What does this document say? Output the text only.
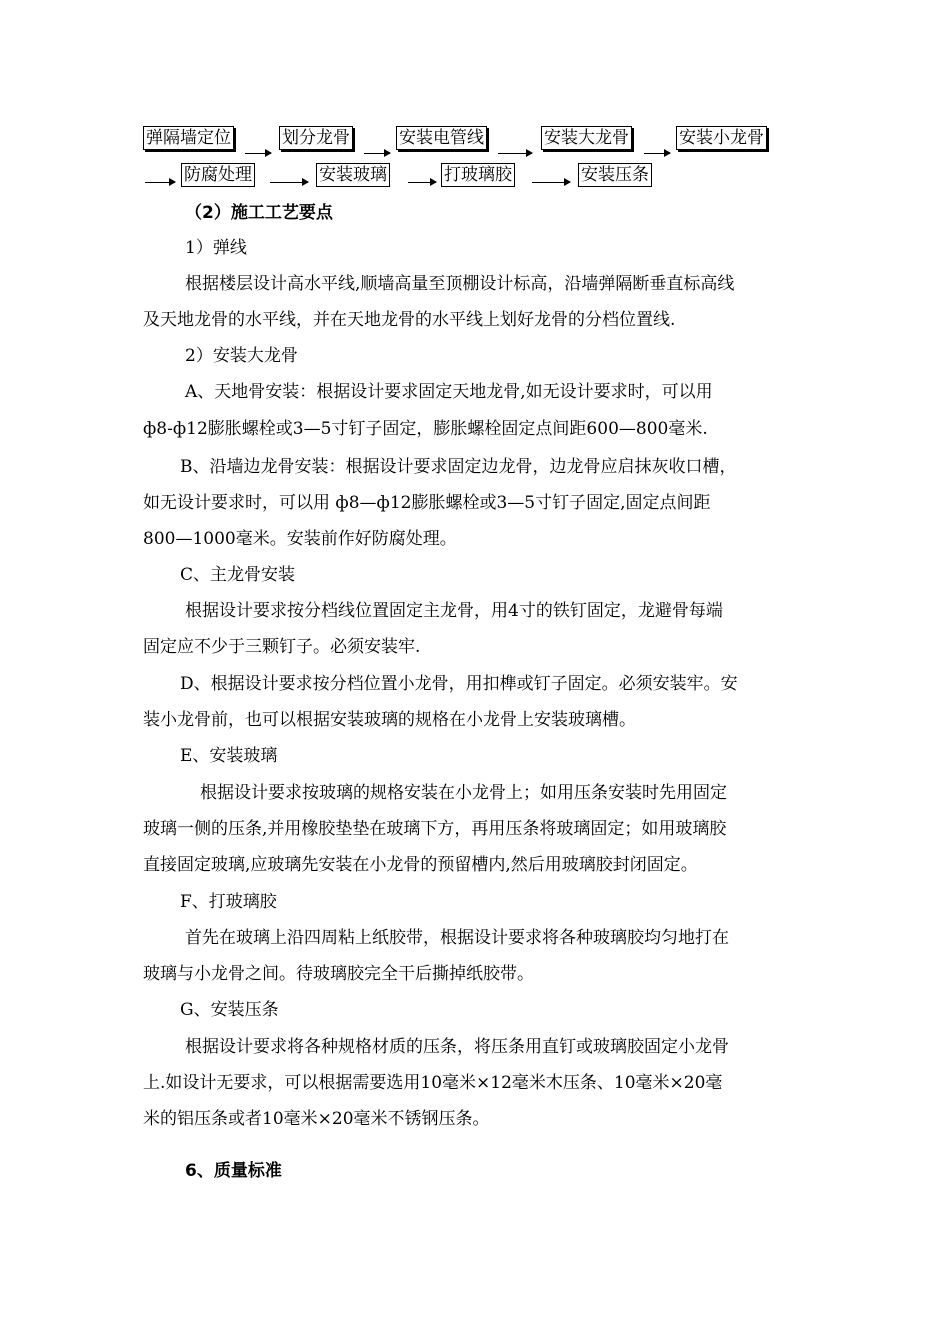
弹隔墙定位	划分龙骨	安装电管线	安装大龙骨	安装小龙骨
防腐处理	安装玻璃	打玻璃胶	安装压条
（2）施工工艺要点
1）弹线
根据楼层设计高水平线,顺墙高量至顶棚设计标高，沿墙弹隔断垂直标高线
及天地龙骨的水平线，并在天地龙骨的水平线上划好龙骨的分档位置线.
2）安装大龙骨
A、天地骨安装：根据设计要求固定天地龙骨,如无设计要求时，可以用
ф8-ф12膨胀螺栓或3—5寸钉子固定，膨胀螺栓固定点间距600—800毫米.
B、沿墙边龙骨安装：根据设计要求固定边龙骨，边龙骨应启抹灰收口槽，
如无设计要求时，可以用 ф8—ф12膨胀螺栓或3—5寸钉子固定,固定点间距
800—1000毫米。安装前作好防腐处理。
C、主龙骨安装
根据设计要求按分档线位置固定主龙骨，用4寸的铁钉固定，龙避骨每端
固定应不少于三颗钉子。必须安装牢.
D、根据设计要求按分档位置小龙骨，用扣榫或钉子固定。必须安装牢。安
装小龙骨前，也可以根据安装玻璃的规格在小龙骨上安装玻璃槽。
E、安装玻璃
根据设计要求按玻璃的规格安装在小龙骨上；如用压条安装时先用固定
玻璃一侧的压条,并用橡胶垫垫在玻璃下方，再用压条将玻璃固定；如用玻璃胶
直接固定玻璃,应玻璃先安装在小龙骨的预留槽内,然后用玻璃胶封闭固定。
F、打玻璃胶
首先在玻璃上沿四周粘上纸胶带，根据设计要求将各种玻璃胶均匀地打在
玻璃与小龙骨之间。待玻璃胶完全干后撕掉纸胶带。
G、安装压条
根据设计要求将各种规格材质的压条，将压条用直钉或玻璃胶固定小龙骨
上.如设计无要求，可以根据需要选用10毫米×12毫米木压条、10毫米×20毫
米的铝压条或者10毫米×20毫米不锈钢压条。
6、质量标准
